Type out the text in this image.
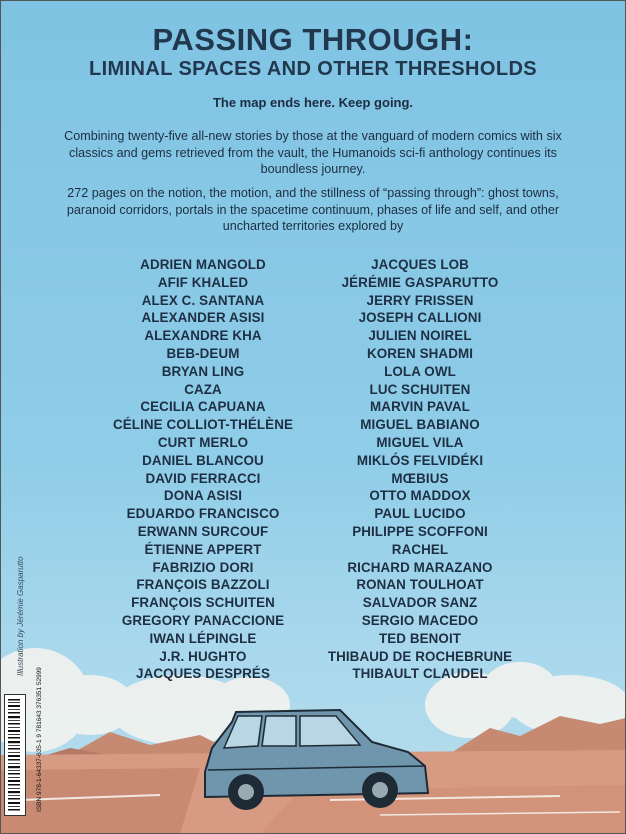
PASSING THROUGH:
LIMINAL SPACES AND OTHER THRESHOLDS

The map ends here. Keep going.

Combining twenty-five all-new stories by those at the vanguard of modern comics with six classics and gems retrieved from the vault, the Humanoids sci-fi anthology continues its boundless journey.

272 pages on the notion, the motion, and the stillness of “passing through”: ghost towns, paranoid corridors, portals in the spacetime continuum, phases of life and self, and other uncharted territories explored by

ADRIEN MANGOLD
AFIF KHALED
ALEX C. SANTANA
ALEXANDER ASISI
ALEXANDRE KHA
BEB-DEUM
BRYAN LING
CAZA
CECILIA CAPUANA
CÉLINE COLLIOT-THÉLÈNE
CURT MERLO
DANIEL BLANCOU
DAVID FERRACCI
DONA ASISI
EDUARDO FRANCISCO
ERWANN SURCOUF
ÉTIENNE APPERT
FABRIZIO DORI
FRANÇOIS BAZZOLI
FRANÇOIS SCHUITEN
GREGORY PANACCIONE
IWAN LÉPINGLE
J.R. HUGHTO
JACQUES DESPRÉS
JACQUES LOB
JÉRÉMIE GASPARUTTO
JERRY FRISSEN
JOSEPH CALLIONI
JULIEN NOIREL
KOREN SHADMI
LOLA OWL
LUC SCHUITEN
MARVIN PAVAL
MIGUEL BABIANO
MIGUEL VILA
MIKLÓS FELVIDÉKI
MŒBIUS
OTTO MADDOX
PAUL LUCIDO
PHILIPPE SCOFFONI
RACHEL
RICHARD MARAZANO
RONAN TOULHOAT
SALVADOR SANZ
SERGIO MACEDO
TED BENOIT
THIBAUD DE ROCHEBRUNE
THIBAULT CLAUDEL
Illustration by Jérémie Gasparutto
ISBN 978-1-64337-635-1 9 781643 376351 52999
